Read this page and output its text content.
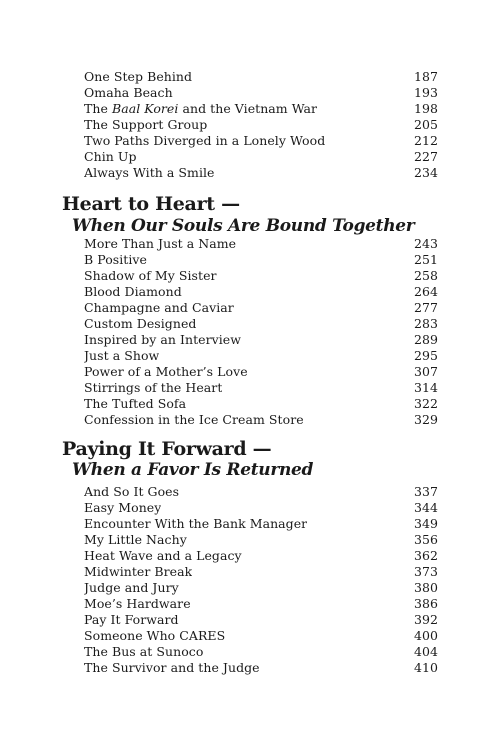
One Step Behind	187
Omaha Beach	193
The Baal Korei and the Vietnam War	198
The Support Group	205
Two Paths Diverged in a Lonely Wood	212
Chin Up	227
Always With a Smile	234
Heart to Heart —
When Our Souls Are Bound Together
More Than Just a Name	243
B Positive	251
Shadow of My Sister	258
Blood Diamond	264
Champagne and Caviar	277
Custom Designed	283
Inspired by an Interview	289
Just a Show	295
Power of a Mother’s Love	307
Stirrings of the Heart	314
The Tufted Sofa	322
Confession in the Ice Cream Store	329
Paying It Forward —
When a Favor Is Returned
And So It Goes	337
Easy Money	344
Encounter With the Bank Manager	349
My Little Nachy	356
Heat Wave and a Legacy	362
Midwinter Break	373
Judge and Jury	380
Moe’s Hardware	386
Pay It Forward	392
Someone Who CARES	400
The Bus at Sunoco	404
The Survivor and the Judge	410
